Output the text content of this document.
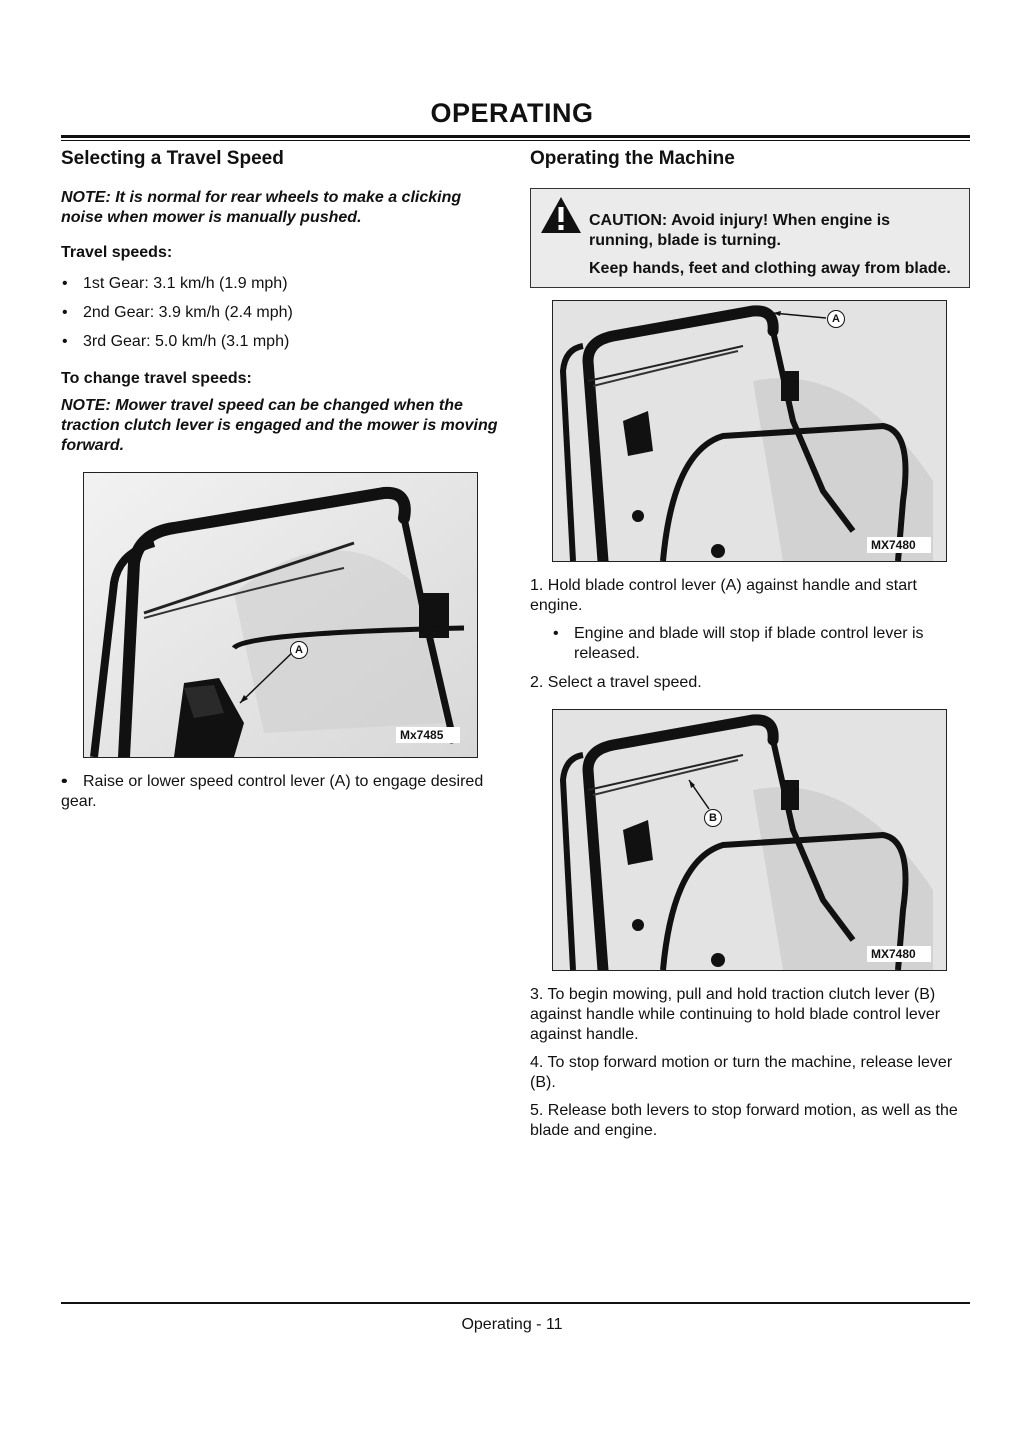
OPERATING
Selecting a Travel Speed

NOTE: It is normal for rear wheels to make a clicking noise when mower is manually pushed.

Travel speeds:
• 1st Gear: 3.1 km/h (1.9 mph)
• 2nd Gear: 3.9 km/h (2.4 mph)
• 3rd Gear: 5.0 km/h (3.1 mph)
To change travel speeds:

NOTE: Mower travel speed can be changed when the traction clutch lever is engaged and the mower is moving forward.

A
Mx7485
• • Raise or lower speed control lever (A) to engage desired gear.
Operating the Machine
CAUTION: Avoid injury! When engine is running, blade is turning.
Keep hands, feet and clothing away from blade.
A
MX7480

1. Hold blade control lever (A) against handle and start engine.

• Engine and blade will stop if blade control lever is released.

2. Select a travel speed.

B
MX7480

3. To begin mowing, pull and hold traction clutch lever (B) against handle while continuing to hold blade control lever against handle.

4. To stop forward motion or turn the machine, release lever (B).

5. Release both levers to stop forward motion, as well as the blade and engine.

Operating - 11
